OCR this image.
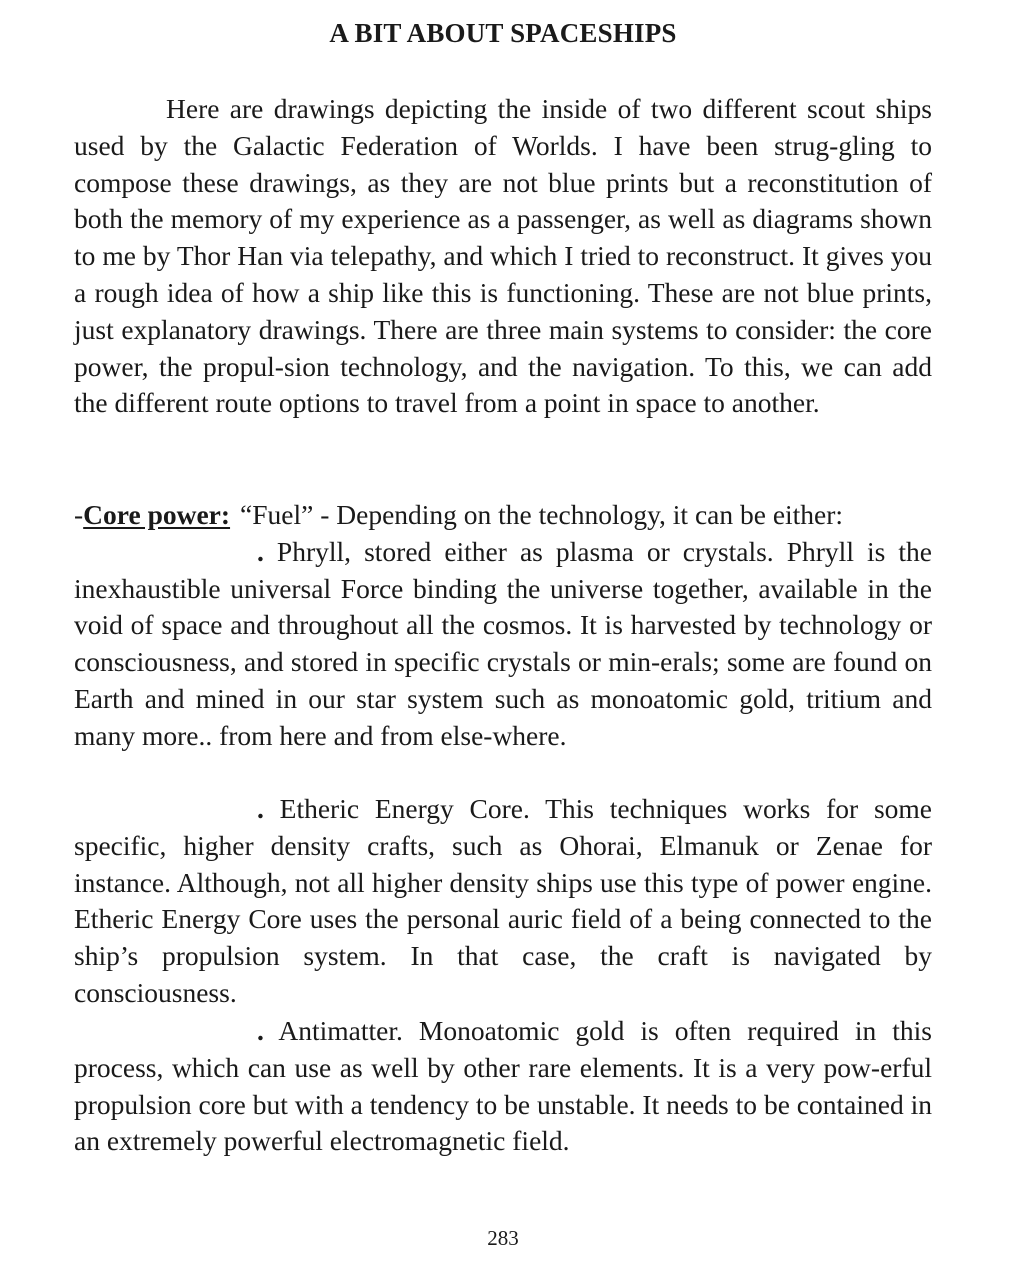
A BIT ABOUT SPACESHIPS

Here are drawings depicting the inside of two different scout ships used by the Galactic Federation of Worlds. I have been strug-gling to compose these drawings, as they are not blue prints but a reconstitution of both the memory of my experience as a passenger, as well as diagrams shown to me by Thor Han via telepathy, and which I tried to reconstruct. It gives you a rough idea of how a ship like this is functioning. These are not blue prints, just explanatory drawings. There are three main systems to consider: the core power, the propul-sion technology, and the navigation. To this, we can add the different route options to travel from a point in space to another.

-Core power: “Fuel” - Depending on the technology, it can be either:
. Phryll, stored either as plasma or crystals. Phryll is the inexhaustible universal Force binding the universe together, available in the void of space and throughout all the cosmos. It is harvested by technology or consciousness, and stored in specific crystals or min-erals; some are found on Earth and mined in our star system such as monoatomic gold, tritium and many more.. from here and from else-where.

. Etheric Energy Core. This techniques works for some specific, higher density crafts, such as Ohorai, Elmanuk or Zenae for instance. Although, not all higher density ships use this type of power engine. Etheric Energy Core uses the personal auric field of a being connected to the ship’s propulsion system. In that case, the craft is navigated by consciousness.

. Antimatter. Monoatomic gold is often required in this process, which can use as well by other rare elements. It is a very pow-erful propulsion core but with a tendency to be unstable. It needs to be contained in an extremely powerful electromagnetic field.

283
